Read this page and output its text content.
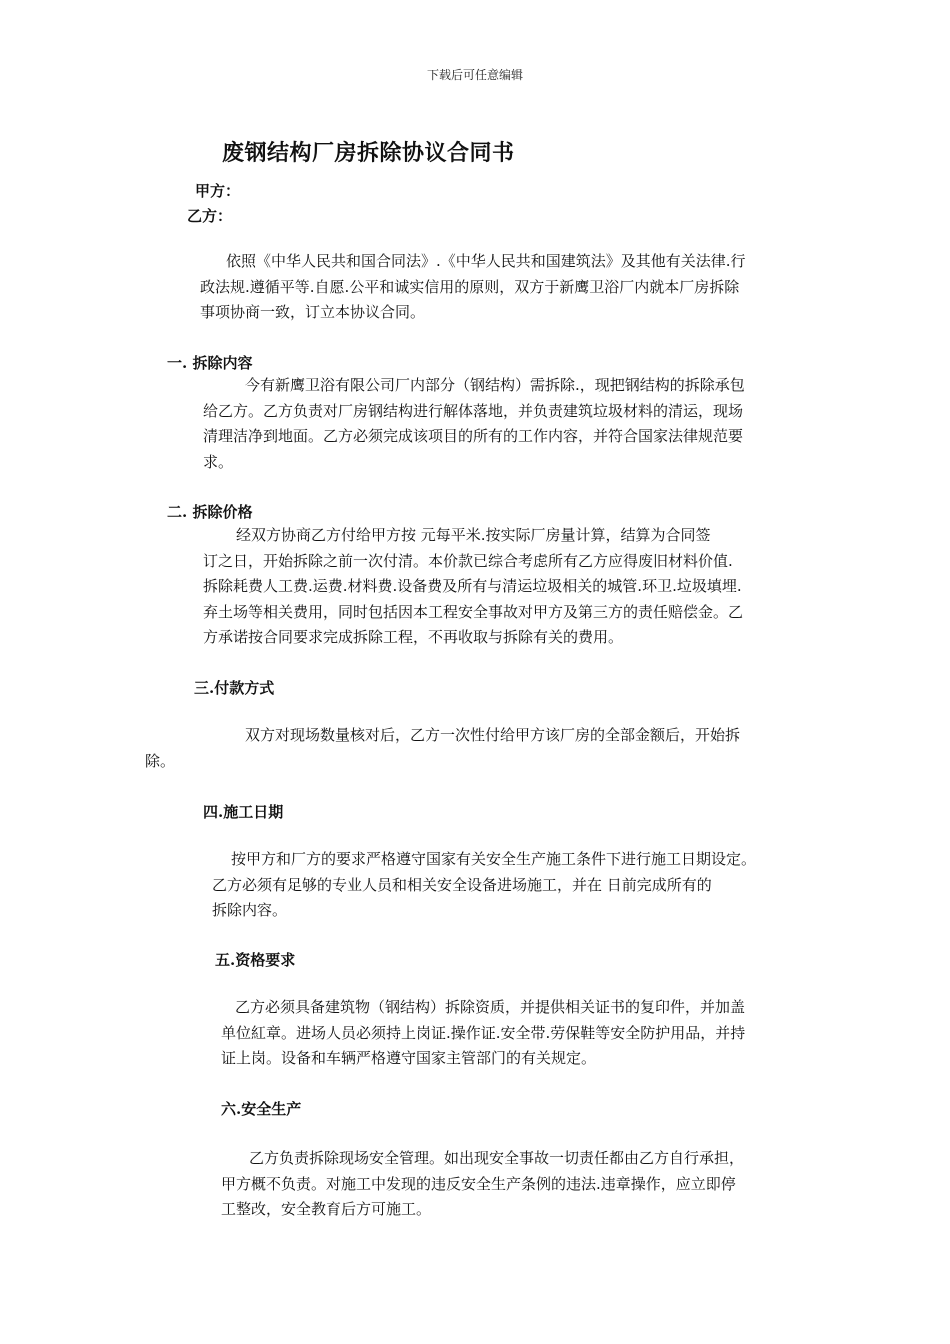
下载后可任意编辑
废钢结构厂房拆除协议合同书
甲方：
乙方：
依照《中华人民共和国合同法》.《中华人民共和国建筑法》及其他有关法律.行
政法规.遵循平等.自愿.公平和诚实信用的原则，双方于新鹰卫浴厂内就本厂房拆除
事项协商一致，订立本协议合同。
一. 拆除内容
今有新鹰卫浴有限公司厂内部分（钢结构）需拆除.，现把钢结构的拆除承包
给乙方。乙方负责对厂房钢结构进行解体落地，并负责建筑垃圾材料的清运，现场
清理洁净到地面。乙方必须完成该项目的所有的工作内容，并符合国家法律规范要
求。
二. 拆除价格
经双方协商乙方付给甲方按 元每平米.按实际厂房量计算，结算为合同签
订之日，开始拆除之前一次付清。本价款已综合考虑所有乙方应得废旧材料价值.
拆除耗费人工费.运费.材料费.设备费及所有与清运垃圾相关的城管.环卫.垃圾填埋.
弃土场等相关费用，同时包括因本工程安全事故对甲方及第三方的责任赔偿金。乙
方承诺按合同要求完成拆除工程，不再收取与拆除有关的费用。
三.付款方式
双方对现场数量核对后，乙方一次性付给甲方该厂房的全部金额后，开始拆
除。
四.施工日期
按甲方和厂方的要求严格遵守国家有关安全生产施工条件下进行施工日期设定。
乙方必须有足够的专业人员和相关安全设备进场施工，并在 日前完成所有的
拆除内容。
五.资格要求
乙方必须具备建筑物（钢结构）拆除资质，并提供相关证书的复印件，并加盖
单位紅章。进场人员必须持上岗证.操作证.安全带.劳保鞋等安全防护用品，并持
证上岗。设备和车辆严格遵守国家主管部门的有关规定。
六.安全生产
乙方负责拆除现场安全管理。如出现安全事故一切责任都由乙方自行承担，
甲方概不负责。对施工中发现的违反安全生产条例的违法.违章操作，应立即停
工整改，安全教育后方可施工。
